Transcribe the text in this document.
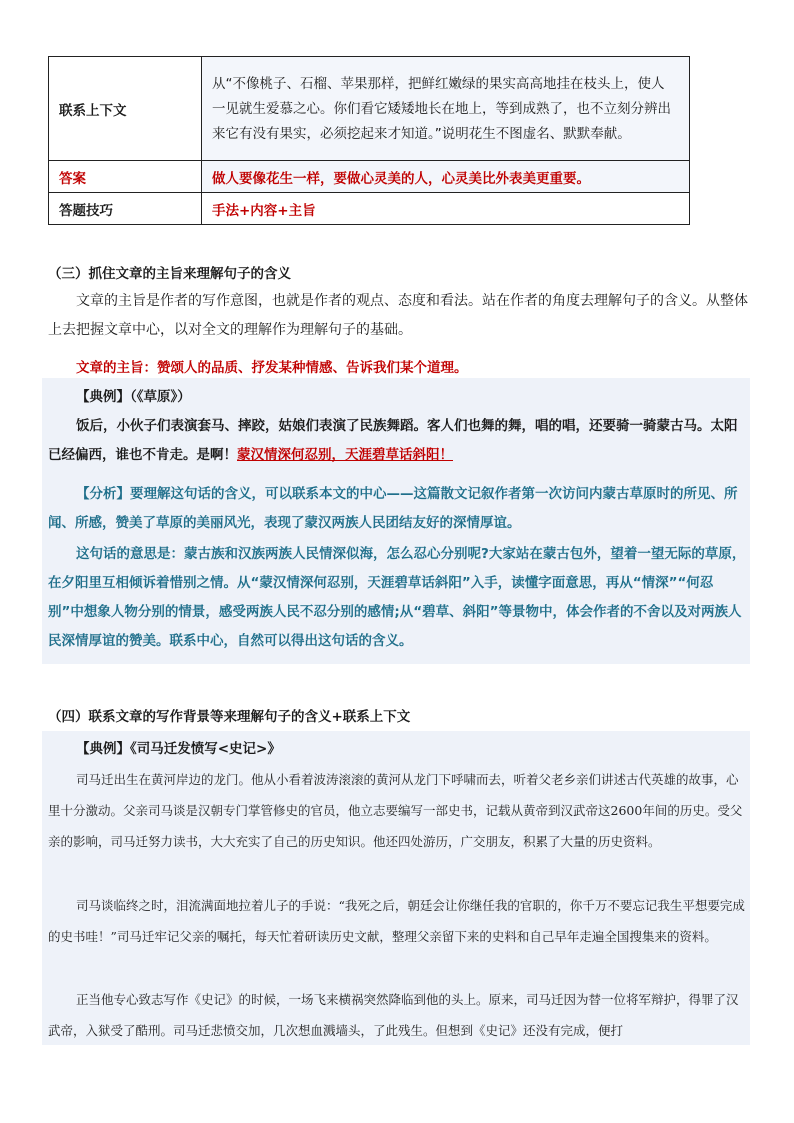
联系上下文	从“不像桃子、石榴、苹果那样，把鲜红嫩绿的果实高高地挂在枝头上，使人
一见就生爱慕之心。你们看它矮矮地长在地上，等到成熟了，也不立刻分辨出
来它有没有果实，必须挖起来才知道。”说明花生不图虚名、默默奉献。

答案	做人要像花生一样，要做心灵美的人，心灵美比外表美更重要。
答题技巧	手法+内容+主旨
（三）抓住文章的主旨来理解句子的含义
文章的主旨是作者的写作意图，也就是作者的观点、态度和看法。站在作者的角度去理解句子的含义。从整体上去把握文章中心，以对全文的理解作为理解句子的基础。
文章的主旨：赞颂人的品质、抒发某种情感、告诉我们某个道理。
【典例】（《草原》）
饭后，小伙子们表演套马、摔跤，姑娘们表演了民族舞蹈。客人们也舞的舞，唱的唱，还要骑一骑蒙古马。太阳已经偏西，谁也不肯走。是啊！蒙汉情深何忍别，天涯碧草话斜阳！
【分析】要理解这句话的含义，可以联系本文的中心——这篇散文记叙作者第一次访问内蒙古草原时的所见、所闻、所感，赞美了草原的美丽风光，表现了蒙汉两族人民团结友好的深情厚谊。
这句话的意思是：蒙古族和汉族两族人民情深似海，怎么忍心分别呢?大家站在蒙古包外，望着一望无际的草原，在夕阳里互相倾诉着惜别之情。从“蒙汉情深何忍别，天涯碧草话斜阳”入手，读懂字面意思，再从“情深”“何忍别”中想象人物分别的情景，感受两族人民不忍分别的感情;从“碧草、斜阳”等景物中，体会作者的不舍以及对两族人民深情厚谊的赞美。联系中心，自然可以得出这句话的含义。
（四）联系文章的写作背景等来理解句子的含义+联系上下文
【典例】《司马迁发愤写<史记>》
司马迁出生在黄河岸边的龙门。他从小看着波涛滚滚的黄河从龙门下呼啸而去，听着父老乡亲们讲述古代英雄的故事，心里十分激动。父亲司马谈是汉朝专门掌管修史的官员，他立志要编写一部史书，记载从黄帝到汉武帝这2600年间的历史。受父亲的影响，司马迁努力读书，大大充实了自己的历史知识。他还四处游历，广交朋友，积累了大量的历史资料。
司马谈临终之时，泪流满面地拉着儿子的手说：“我死之后，朝廷会让你继任我的官职的，你千万不要忘记我生平想要完成的史书哇！”司马迁牢记父亲的嘱托，每天忙着研读历史文献，整理父亲留下来的史料和自己早年走遍全国搜集来的资料。
正当他专心致志写作《史记》的时候，一场飞来横祸突然降临到他的头上。原来，司马迁因为替一位将军辩护，得罪了汉武帝，入狱受了酷刑。司马迁悲愤交加，几次想血溅墙头，了此残生。但想到《史记》还没有完成，便打
